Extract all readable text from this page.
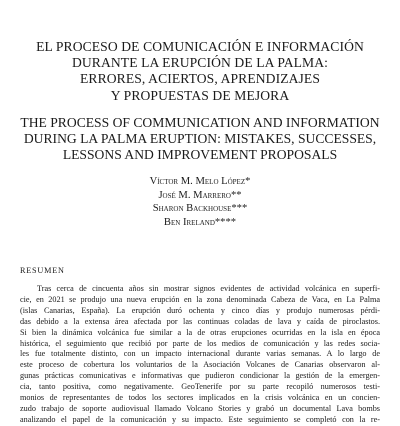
EL PROCESO DE COMUNICACIÓN E INFORMACIÓN
DURANTE LA ERUPCIÓN DE LA PALMA:
ERRORES, ACIERTOS, APRENDIZAJES
Y PROPUESTAS DE MEJORA
THE PROCESS OF COMMUNICATION AND INFORMATION
DURING LA PALMA ERUPTION: MISTAKES, SUCCESSES,
LESSONS AND IMPROVEMENT PROPOSALS
Víctor M. Melo López*
José M. Marrero**
Sharon Backhouse***
Ben Ireland****
RESUMEN
Tras cerca de cincuenta años sin mostrar signos evidentes de actividad volcánica en superfi-
cie, en 2021 se produjo una nueva erupción en la zona denominada Cabeza de Vaca, en La Palma
(islas Canarias, España). La erupción duró ochenta y cinco días y produjo numerosas pérdi-
das debido a la extensa área afectada por las continuas coladas de lava y caída de piroclastos.
Si bien la dinámica volcánica fue similar a la de otras erupciones ocurridas en la isla en época
histórica, el seguimiento que recibió por parte de los medios de comunicación y las redes socia-
les fue totalmente distinto, con un impacto internacional durante varias semanas. A lo largo de
este proceso de cobertura los voluntarios de la Asociación Volcanes de Canarias observaron al-
gunas prácticas comunicativas e informativas que pudieron condicionar la gestión de la emergen-
cia, tanto positiva, como negativamente. GeoTenerife por su parte recopiló numerosos testi-
monios de representantes de todos los sectores implicados en la crisis volcánica en un concien-
zudo trabajo de soporte audiovisual llamado Volcano Stories y grabó un documental Lava bombs
analizando el papel de la comunicación y su impacto. Este seguimiento se completó con la re-
